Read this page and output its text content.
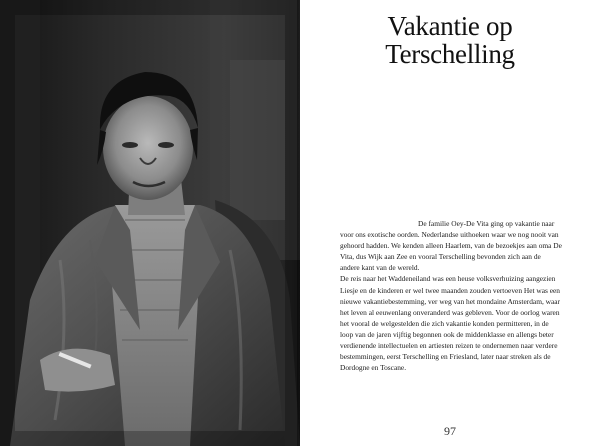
Vakantie op
Terschelling

De familie Oey-De Vita ging op vakantie naar voor ons exotische oorden. Nederlandse uithoeken waar we nog nooit van gehoord hadden. We kenden alleen Haarlem, van de bezoekjes aan oma De Vita, dus Wijk aan Zee en vooral Terschelling bevonden zich aan de andere kant van de wereld.

De reis naar het Waddeneiland was een heuse volksverhuizing aangezien Liesje en de kinderen er wel twee maanden zouden vertoeven Het was een nieuwe vakantiebestemming, ver weg van het mondaine Amsterdam, waar het leven al eeuwenlang onveranderd was gebleven. Voor de oorlog waren het vooral de welgestelden die zich vakantie konden permitteren, in de loop van de jaren vijftig begonnen ook de middenklasse en allengs beter verdienende intellectuelen en artiesten reizen te ondernemen naar verdere bestemmingen, eerst Terschelling en Friesland, later naar streken als de Dordogne en Toscane.

97
